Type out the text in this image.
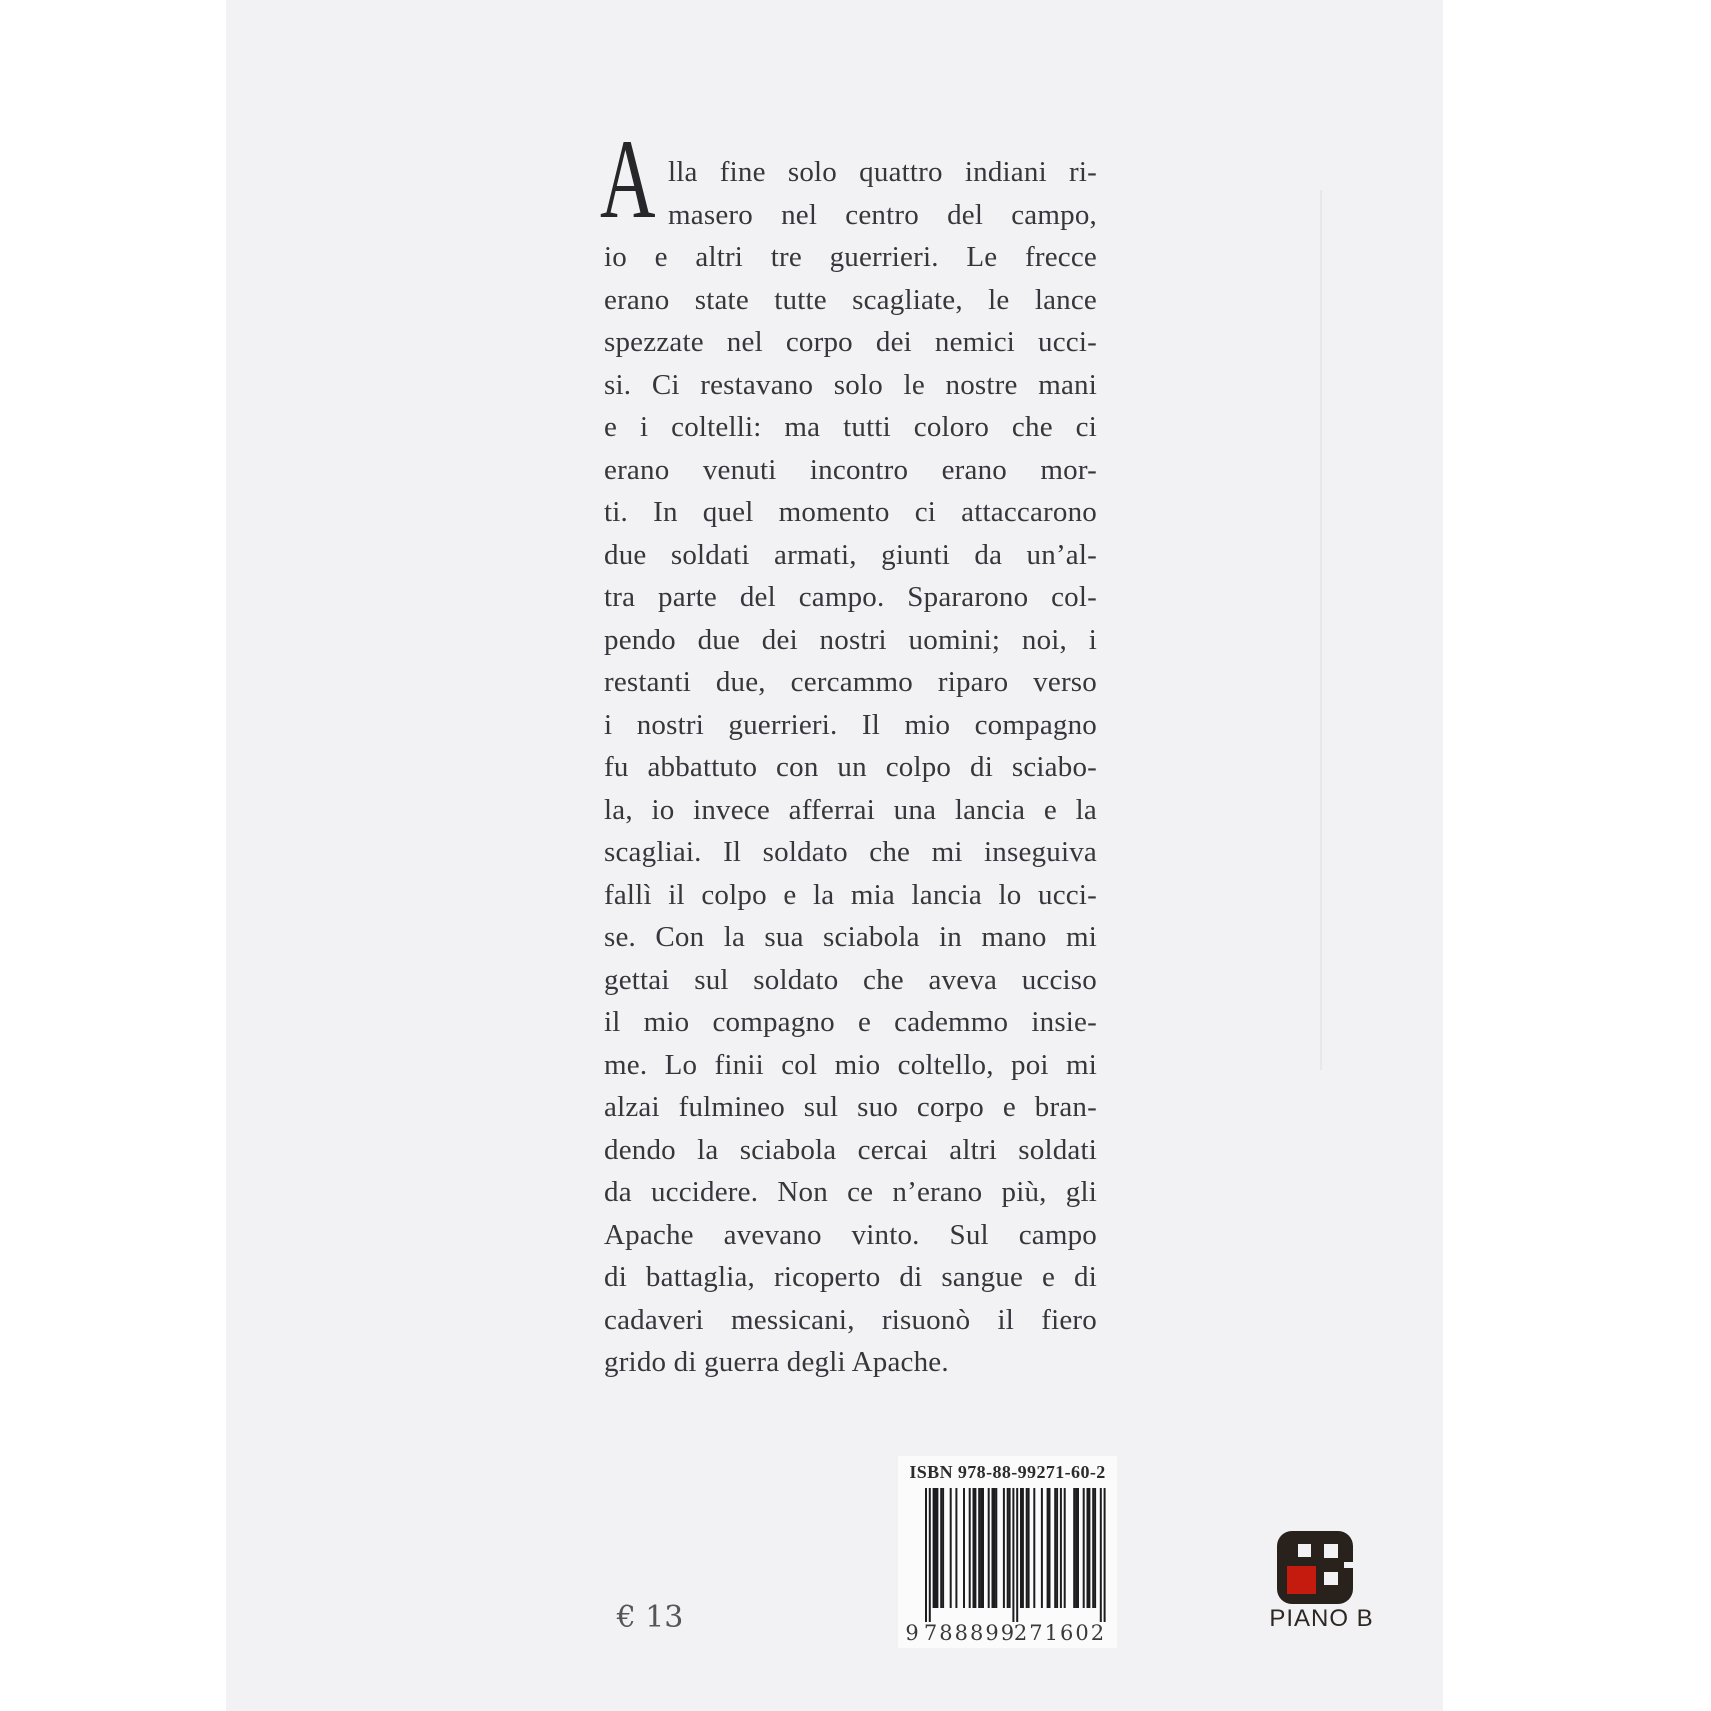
A lla fine solo quattro indiani ri-
masero nel centro del campo,
io e altri tre guerrieri. Le frecce
erano state tutte scagliate, le lance
spezzate nel corpo dei nemici ucci-
si. Ci restavano solo le nostre mani
e i coltelli: ma tutti coloro che ci
erano venuti incontro erano mor-
ti. In quel momento ci attaccarono
due soldati armati, giunti da un’al-
tra parte del campo. Spararono col-
pendo due dei nostri uomini; noi, i
restanti due, cercammo riparo verso
i nostri guerrieri. Il mio compagno
fu abbattuto con un colpo di sciabo-
la, io invece afferrai una lancia e la
scagliai. Il soldato che mi inseguiva
fallì il colpo e la mia lancia lo ucci-
se. Con la sua sciabola in mano mi
gettai sul soldato che aveva ucciso
il mio compagno e cademmo insie-
me. Lo finii col mio coltello, poi mi
alzai fulmineo sul suo corpo e bran-
dendo la sciabola cercai altri soldati
da uccidere. Non ce n’erano più, gli
Apache avevano vinto. Sul campo
di battaglia, ricoperto di sangue e di
cadaveri messicani, risuonò il fiero
grido di guerra degli Apache.
ISBN 978-88-99271-60-2
9 788899
271602
€ 13	PIANO B
